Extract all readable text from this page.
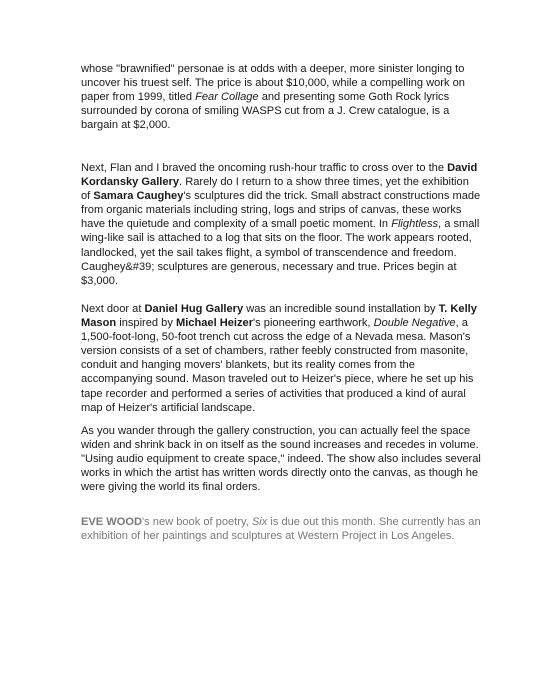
whose "brawnified" personae is at odds with a deeper, more sinister longing to uncover his truest self. The price is about $10,000, while a compelling work on paper from 1999, titled Fear Collage and presenting some Goth Rock lyrics surrounded by corona of smiling WASPS cut from a J. Crew catalogue, is a bargain at $2,000.

Next, Flan and I braved the oncoming rush-hour traffic to cross over to the David Kordansky Gallery. Rarely do I return to a show three times, yet the exhibition of Samara Caughey's sculptures did the trick. Small abstract constructions made from organic materials including string, logs and strips of canvas, these works have the quietude and complexity of a small poetic moment. In Flightless, a small wing-like sail is attached to a log that sits on the floor. The work appears rooted, landlocked, yet the sail takes flight, a symbol of transcendence and freedom. Caughey&#39; sculptures are generous, necessary and true. Prices begin at $3,000.

Next door at Daniel Hug Gallery was an incredible sound installation by T. Kelly Mason inspired by Michael Heizer's pioneering earthwork, Double Negative, a 1,500-foot-long, 50-foot trench cut across the edge of a Nevada mesa. Mason's version consists of a set of chambers, rather feebly constructed from masonite, conduit and hanging movers' blankets, but its reality comes from the accompanying sound. Mason traveled out to Heizer's piece, where he set up his tape recorder and performed a series of activities that produced a kind of aural map of Heizer's artificial landscape.

As you wander through the gallery construction, you can actually feel the space widen and shrink back in on itself as the sound increases and recedes in volume. "Using audio equipment to create space," indeed. The show also includes several works in which the artist has written words directly onto the canvas, as though he were giving the world its final orders.

EVE WOOD's new book of poetry, Six is due out this month. She currently has an exhibition of her paintings and sculptures at Western Project in Los Angeles.
